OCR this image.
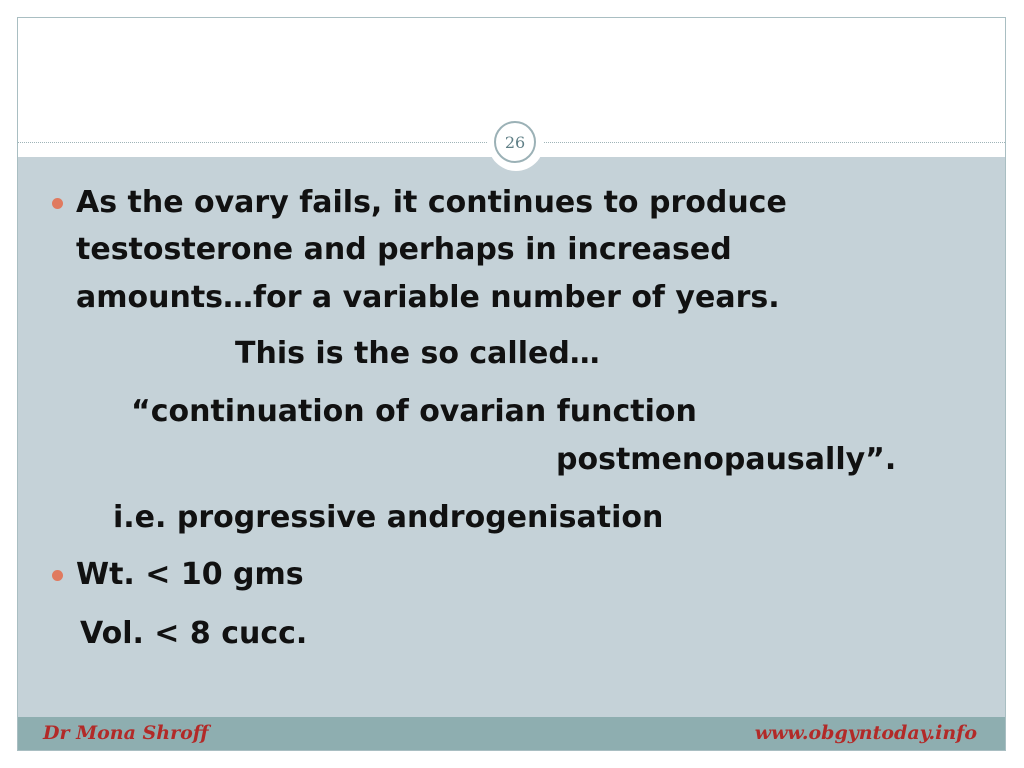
26
As the ovary fails, it continues to produce
testosterone and perhaps in increased
amounts…for a variable number of years.
This is the so called…
“continuation of ovarian function
postmenopausally”.
i.e. progressive androgenisation
Wt. < 10 gms
Vol. < 8 cucc.
Dr Mona Shroff	www.obgyntoday.info
